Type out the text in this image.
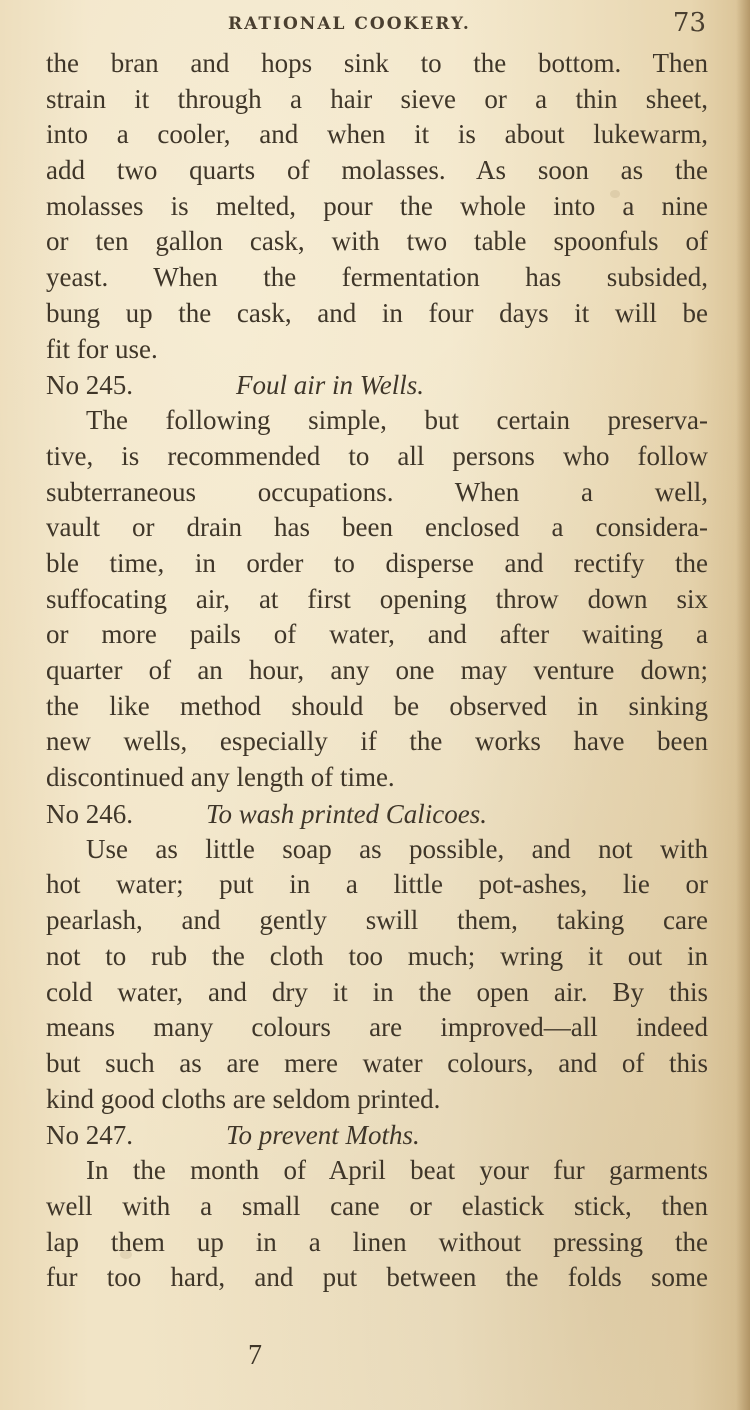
RATIONAL COOKERY.	73
the bran and hops sink to the bottom. Then
strain it through a hair sieve or a thin sheet,
into a cooler, and when it is about lukewarm,
add two quarts of molasses. As soon as the
molasses is melted, pour the whole into a nine
or ten gallon cask, with two table spoonfuls of
yeast. When the fermentation has subsided,
bung up the cask, and in four days it will be
fit for use.
No 245.	Foul air in Wells.
The following simple, but certain preserva-
tive, is recommended to all persons who follow
subterraneous occupations. When a well,
vault or drain has been enclosed a considera-
ble time, in order to disperse and rectify the
suffocating air, at first opening throw down six
or more pails of water, and after waiting a
quarter of an hour, any one may venture down;
the like method should be observed in sinking
new wells, especially if the works have been
discontinued any length of time.
No 246.	To wash printed Calicoes.
Use as little soap as possible, and not with
hot water; put in a little pot-ashes, lie or
pearlash, and gently swill them, taking care
not to rub the cloth too much; wring it out in
cold water, and dry it in the open air. By this
means many colours are improved—all indeed
but such as are mere water colours, and of this
kind good cloths are seldom printed.
No 247.	To prevent Moths.
In the month of April beat your fur garments
well with a small cane or elastick stick, then
lap them up in a linen without pressing the
fur too hard, and put between the folds some
7
